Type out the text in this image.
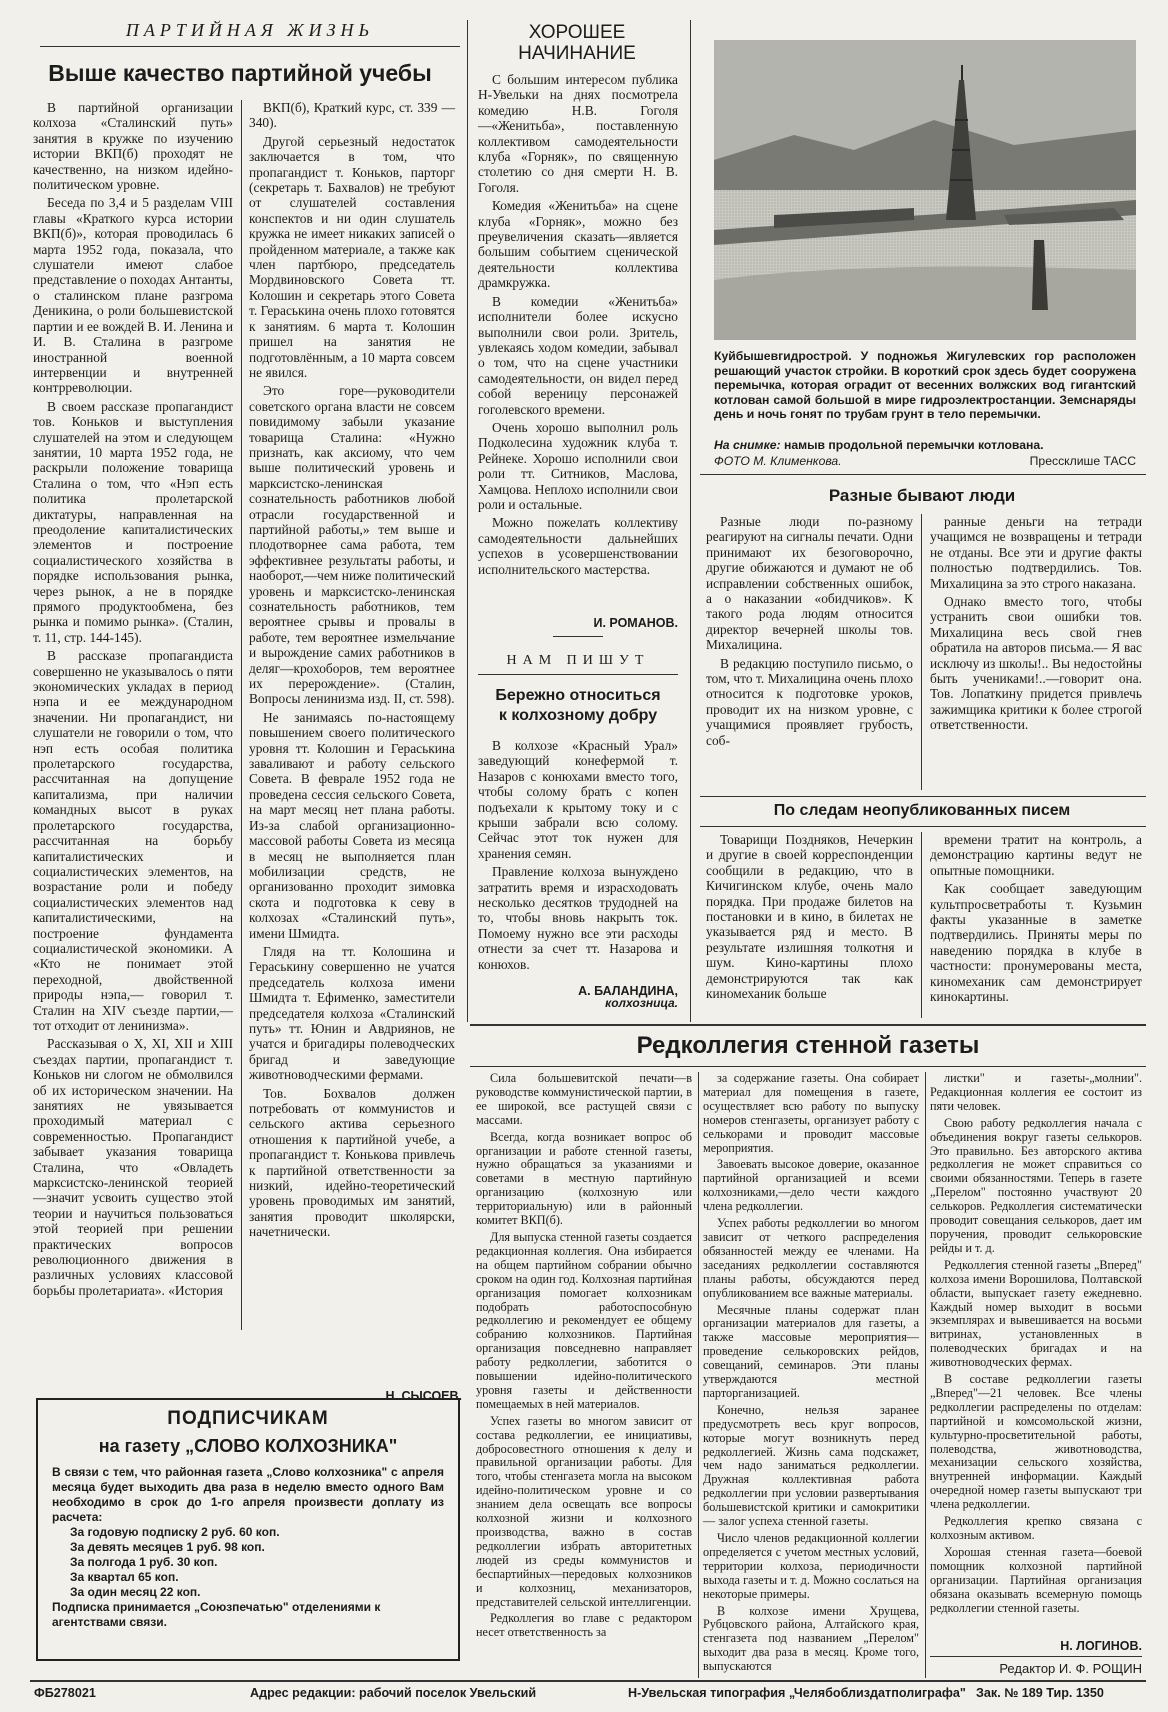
ПАРТИЙНАЯ ЖИЗНЬ
Выше качество партийной учебы

В партийной организации колхоза «Сталинский путь» занятия в кружке по изучению истории ВКП(б) проходят не качественно, на низком идейно-политическом уровне.

Беседа по 3,4 и 5 разделам VIII главы «Краткого курса истории ВКП(б)», которая проводилась 6 марта 1952 года, показала, что слушатели имеют слабое представление о походах Антанты, о сталинском плане разгрома Деникина, о роли большевистской партии и ее вождей В. И. Ленина и И. В. Сталина в разгроме иностранной военной интервенции и внутренней контрреволюции.

В своем рассказе пропагандист тов. Коньков и выступления слушателей на этом и следующем занятии, 10 марта 1952 года, не раскрыли положение товарища Сталина о том, что «Нэп есть политика пролетарской диктатуры, направленная на преодоление капиталистических элементов и построение социалистического хозяйства в порядке использования рынка, через рынок, а не в порядке прямого продуктообмена, без рынка и помимо рынка». (Сталин, т. 11, стр. 144-145).

В рассказе пропагандиста совершенно не указывалось о пяти экономических укладах в период нэпа и ее международном значении. Ни пропагандист, ни слушатели не говорили о том, что нэп есть особая политика пролетарского государства, рассчитанная на допущение капитализма, при наличии командных высот в руках пролетарского государства, рассчитанная на борьбу капиталистических и социалистических элементов, на возрастание роли и победу социалистических элементов над капиталистическими, на построение фундамента социалистической экономики. А «Кто не понимает этой переходной, двойственной природы нэпа,— говорил т. Сталин на XIV съезде партии,—тот отходит от ленинизма».

Рассказывая о X, XI, XII и XIII съездах партии, пропагандист т. Коньков ни слогом не обмолвился об их историческом значении. На занятиях не увязывается проходимый материал с современностью. Пропагандист забывает указания товарища Сталина, что «Овладеть марксистско-ленинской теорией —значит усвоить существо этой теории и научиться пользоваться этой теорией при решении практических вопросов революционного движения в различных условиях классовой борьбы пролетариата». «История

ВКП(б), Краткий курс, ст. 339 —340).

Другой серьезный недостаток заключается в том, что пропагандист т. Коньков, парторг (секретарь т. Бахвалов) не требуют от слушателей составления конспектов и ни один слушатель кружка не имеет никаких записей о пройденном материале, а также как член партбюро, председатель Мордвиновского Совета тт. Колошин и секретарь этого Совета т. Гераськина очень плохо готовятся к занятиям. 6 марта т. Колошин пришел на занятия не подготовлённым, а 10 марта совсем не явился.

Это горе—руководители советского органа власти не совсем повидимому забыли указание товарища Сталина: «Нужно признать, как аксиому, что чем выше политический уровень и марксистско-ленинская сознательность работников любой отрасли государственной и партийной работы,» тем выше и плодотворнее сама работа, тем эффективнее результаты работы, и наоборот,—чем ниже политический уровень и марксистско-ленинская сознательность работников, тем вероятнее срывы и провалы в работе, тем вероятнее измельчание и вырождение самих работников в деляг—крохоборов, тем вероятнее их перерождение». (Сталин, Вопросы ленинизма изд. II, ст. 598).

Не занимаясь по-настоящему повышением своего политического уровня тт. Колошин и Гераськина заваливают и работу сельского Совета. В феврале 1952 года не проведена сессия сельского Совета, на март месяц нет плана работы. Из-за слабой организационно-массовой работы Совета из месяца в месяц не выполняется план мобилизации средств, не организованно проходит зимовка скота и подготовка к севу в колхозах «Сталинский путь», имени Шмидта.

Глядя на тт. Колошина и Гераськину совершенно не учатся председатель колхоза имени Шмидта т. Ефименко, заместители председателя колхоза «Сталинский путь» тт. Юнин и Авдриянов, не учатся и бригадиры полеводческих бригад и заведующие животноводческими фермами.

Тов. Бохвалов должен потребовать от коммунистов и сельского актива серьезного отношения к партийной учебе, а пропагандист т. Конькова привлечь к партийной ответственности за низкий, идейно-теоретический уровень проводимых им занятий, занятия проводит школярски, начетнически.

Н. СЫСОЕВ.
ПОДПИСЧИКАМ
на газету „СЛОВО КОЛХОЗНИКА"
В связи с тем, что районная газета „Слово колхозника" с апреля месяца будет выходить два раза в неделю вместо одного Вам необходимо в срок до 1-го апреля произвести доплату из расчета:
За годовую подписку 2 руб. 60 коп.
За девять месяцев 1 руб. 98 коп.
За полгода 1 руб. 30 коп.
За квартал 65 коп.
За один месяц 22 коп.
Подписка принимается „Союзпечатью" отделениями к агентствами связи.
ХОРОШЕЕ
НАЧИНАНИЕ

С большим интересом публика Н-Увельки на днях посмотрела комедию Н.В. Гоголя—«Женитьба», поставленную коллективом самодеятельности клуба «Горняк», по священную столетию со дня смерти Н. В. Гоголя.

Комедия «Женитьба» на сцене клуба «Горняк», можно без преувеличения сказать—является большим событием сценической деятельности коллектива драмкружка.

В комедии «Женитьба» исполнители более искусно выполнили свои роли. Зритель, увлекаясь ходом комедии, забывал о том, что на сцене участники самодеятельности, он видел перед собой вереницу персонажей гоголевского времени.

Очень хорошо выполнил роль Подколесина художник клуба т. Рейнеке. Хорошо исполнили свои роли тт. Ситников, Маслова, Хамцова. Неплохо исполнили свои роли и остальные.

Можно пожелать коллективу самодеятельности дальнейших успехов в усовершенствовании исполнительского мастерства.

И. РОМАНОВ.
НАМ ПИШУТ
Бережно относиться к колхозному добру

В колхозе «Красный Урал» заведующий конефермой т. Назаров с конюхами вместо того, чтобы солому брать с копен подъехали к крытому току и с крыши забрали всю солому. Сейчас этот ток нужен для хранения семян.

Правление колхоза вынуждено затратить время и израсходовать несколько десятков трудодней на то, чтобы вновь накрыть ток. Помоему нужно все эти расходы отнести за счет тт. Назарова и конюхов.

А. БАЛАНДИНА,
колхозница.
Куйбышевгидрострой. У подножья Жигулевских гор расположен решающий участок стройки. В короткий срок здесь будет сооружена перемычка, которая оградит от весенних волжских вод гигантский котлован самой большой в мире гидроэлектростанции. Земснаряды день и ночь гонят по трубам грунт в тело перемычки.
На снимке: намыв продольной перемычки котлована.
ФОТО М. Клименкова.	Прессклише ТАСС
Разные бывают люди

Разные люди по-разному реагируют на сигналы печати. Одни принимают их безоговорочно, другие обижаются и думают не об исправлении собственных ошибок, а о наказании «обидчиков». К такого рода людям относится директор вечерней школы тов. Михалицина.

В редакцию поступило письмо, о том, что т. Михалицина очень плохо относится к подготовке уроков, проводит их на низком уровне, с учащимися проявляет грубость, соб-

ранные деньги на тетради учащимся не возвращены и тетради не отданы. Все эти и другие факты полностью подтвердились. Тов. Михалицина за это строго наказана.

Однако вместо того, чтобы устранить свои ошибки тов. Михалицина весь свой гнев обратила на авторов письма.— Я вас исключу из школы!.. Вы недостойны быть учениками!..—говорит она. Тов. Лопаткину придется привлечь зажимщика критики к более строгой ответственности.

По следам неопубликованных писем

Товарищи Поздняков, Нечеркин и другие в своей корреспонденции сообщили в редакцию, что в Кичигинском клубе, очень мало порядка. При продаже билетов на постановки и в кино, в билетах не указывается ряд и место. В результате излишняя толкотня и шум. Кино-картины плохо демонстрируются так как киномеханик больше

времени тратит на контроль, а демонстрацию картины ведут не опытные помощники.

Как сообщает заведующим культпросветработы т. Кузьмин факты указанные в заметке подтвердились. Приняты меры по наведению порядка в клубе в частности: пронумерованы места, киномеханик сам демонстрирует кинокартины.

Редколлегия стенной газеты

Сила большевитской печати—в руководстве коммунистической партии, в ее широкой, все растущей связи с массами.

Всегда, когда возникает вопрос об организации и работе стенной газеты, нужно обращаться за указаниями и советами в местную партийную организацию (колхозную или территориальную) или в районный комитет ВКП(б).

Для выпуска стенной газеты создается редакционная коллегия. Она избирается на общем партийном собрании обычно сроком на один год. Колхозная партийная организация помогает колхозникам подобрать работоспособную редколлегию и рекомендует ее общему собранию колхозников. Партийная организация повседневно направляет работу редколлегии, заботится о повышении идейно-политического уровня газеты и действенности помещаемых в ней материалов.

Успех газеты во многом зависит от состава редколлегии, ее инициативы, добросовестного отношения к делу и правильной организации работы. Для того, чтобы стенгазета могла на высоком идейно-политическом уровне и со знанием дела освещать все вопросы колхозной жизни и колхозного производства, важно в состав редколлегии избрать авторитетных людей из среды коммунистов и беспартийных—передовых колхозников и колхозниц, механизаторов, представителей сельской интеллигенции.

Редколлегия во главе с редактором несет ответственность за

за содержание газеты. Она собирает материал для помещения в газете, осуществляет всю работу по выпуску номеров стенгазеты, организует работу с селькорами и проводит массовые мероприятия.

Завоевать высокое доверие, оказанное партийной организацией и всеми колхозниками,—дело чести каждого члена редколлегии.

Успех работы редколлегии во многом зависит от четкого распределения обязанностей между ее членами. На заседаниях редколлегии составляются планы работы, обсуждаются перед опубликованием все важные материалы.

Месячные планы содержат план организации материалов для газеты, а также массовые мероприятия—проведение селькоровских рейдов, совещаний, семинаров. Эти планы утверждаются местной парторганизацией.

Конечно, нельзя заранее предусмотреть весь круг вопросов, которые могут возникнуть перед редколлегией. Жизнь сама подскажет, чем надо заниматься редколлегии. Дружная коллективная работа редколлегии при условии развертывания большевистской критики и самокритики — залог успеха стенной газеты.

Число членов редакционной коллегии определяется с учетом местных условий, территории колхоза, периодичности выхода газеты и т. д. Можно сослаться на некоторые примеры.

В колхозе имени Хрущева, Рубцовского района, Алтайского края, стенгазета под названием „Перелом" выходит два раза в месяц. Кроме того, выпускаются

листки" и газеты-„молнии". Редакционная коллегия ее состоит из пяти человек.

Свою работу редколлегия начала с объединения вокруг газеты селькоров. Это правильно. Без авторского актива редколлегия не может справиться со своими обязанностями. Теперь в газете „Перелом" постоянно участвуют 20 селькоров. Редколлегия систематически проводит совещания селькоров, дает им поручения, проводит селькоровские рейды и т. д.

Редколлегия стенной газеты „Вперед" колхоза имени Ворошилова, Полтавской области, выпускает газету ежедневно. Каждый номер выходит в восьми экземплярах и вывешивается на восьми витринах, установленных в полеводческих бригадах и на животноводческих фермах.

В составе редколлегии газеты „Вперед"—21 человек. Все члены редколлегии распределены по отделам: партийной и комсомольской жизни, культурно-просветительной работы, полеводства, животноводства, механизации сельского хозяйства, внутренней информации. Каждый очередной номер газеты выпускают три члена редколлегии.

Редколлегия крепко связана с колхозным активом.

Хорошая стенная газета—боевой помощник колхозной партийной организации. Партийная организация обязана оказывать всемерную помощь редколлегии стенной газеты.

Н. ЛОГИНОВ.
Редактор И. Ф. РОЩИН
ФБ278021	Адрес редакции: рабочий поселок Увельский	Н-Увельская типография „Челябоблиздатполиграфа" Зак. № 189 Тир. 1350
